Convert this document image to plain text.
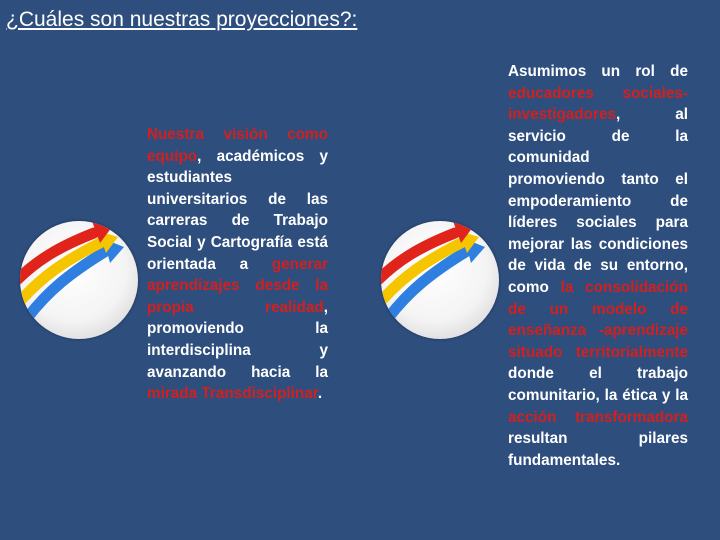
¿Cuáles son nuestras proyecciones?:
Nuestra visión como equipo, académicos y estudiantes universitarios de las carreras de Trabajo Social y Cartografía está orientada a generar aprendizajes desde la propia realidad, promoviendo la interdisciplina y avanzando hacia la mirada Transdisciplinar.
Asumimos un rol de educadores sociales-investigadores, al servicio de la comunidad promoviendo tanto el empoderamiento de líderes sociales para mejorar las condiciones de vida de su entorno, como la consolidación de un modelo de enseñanza -aprendizaje situado territorialmente donde el trabajo comunitario, la ética y la acción transformadora resultan pilares fundamentales.
